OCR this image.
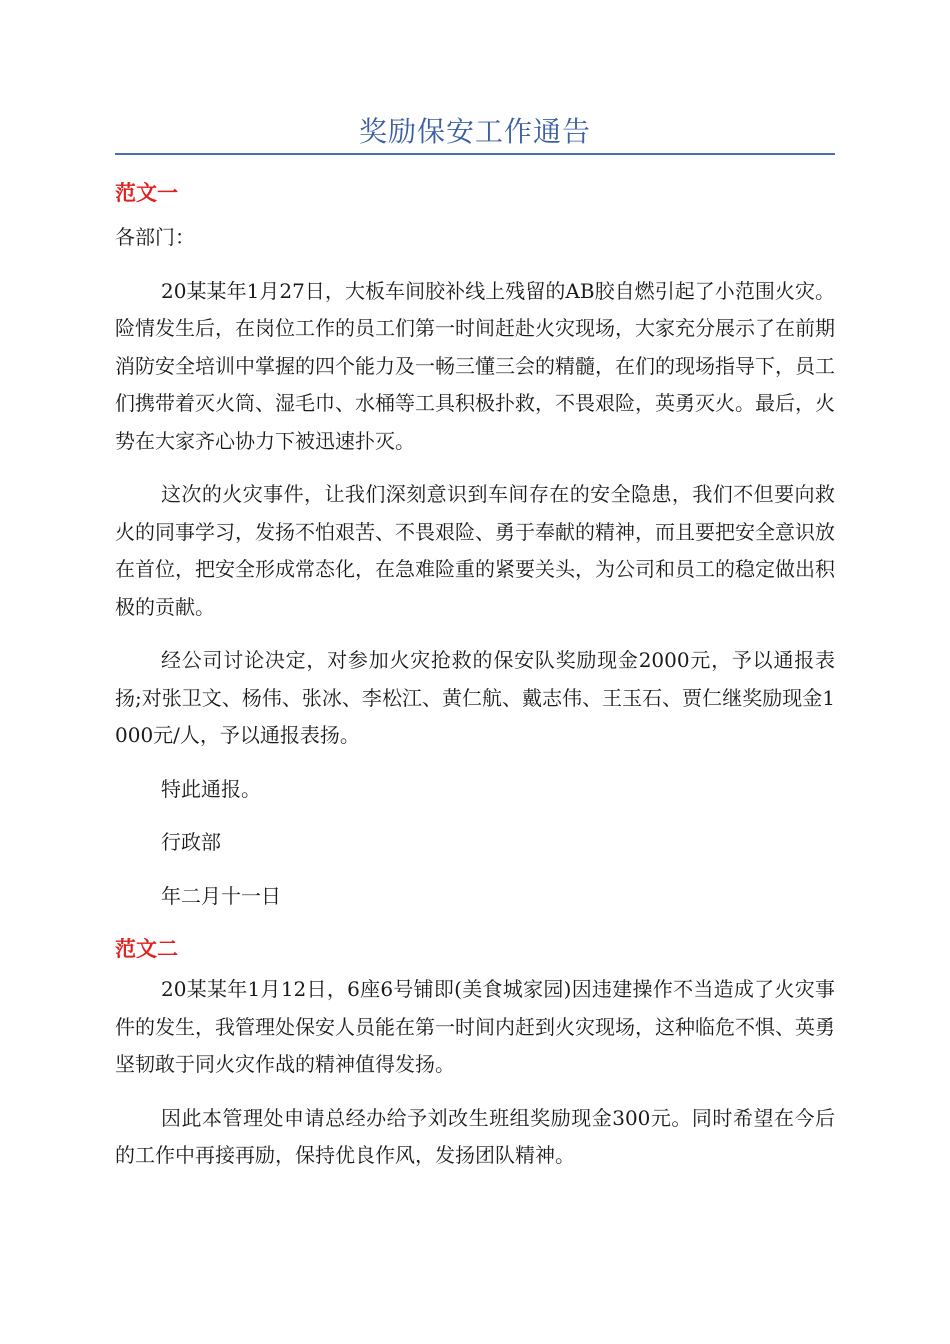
奖励保安工作通告
范文一

各部门：

20某某年1月27日，大板车间胶补线上残留的AB胶自燃引起了小范围火灾。险情发生后，在岗位工作的员工们第一时间赶赴火灾现场，大家充分展示了在前期消防安全培训中掌握的四个能力及一畅三懂三会的精髓，在们的现场指导下，员工们携带着灭火筒、湿毛巾、水桶等工具积极扑救，不畏艰险，英勇灭火。最后，火势在大家齐心协力下被迅速扑灭。

这次的火灾事件，让我们深刻意识到车间存在的安全隐患，我们不但要向救火的同事学习，发扬不怕艰苦、不畏艰险、勇于奉献的精神，而且要把安全意识放在首位，把安全形成常态化，在急难险重的紧要关头，为公司和员工的稳定做出积极的贡献。

经公司讨论决定，对参加火灾抢救的保安队奖励现金2000元，予以通报表扬;对张卫文、杨伟、张冰、李松江、黄仁航、戴志伟、王玉石、贾仁继奖励现金1000元/人，予以通报表扬。

特此通报。

行政部

年二月十一日

范文二

20某某年1月12日，6座6号铺即(美食城家园)因违建操作不当造成了火灾事件的发生，我管理处保安人员能在第一时间内赶到火灾现场，这种临危不惧、英勇坚韧敢于同火灾作战的精神值得发扬。

因此本管理处申请总经办给予刘改生班组奖励现金300元。同时希望在今后的工作中再接再励，保持优良作风，发扬团队精神。
